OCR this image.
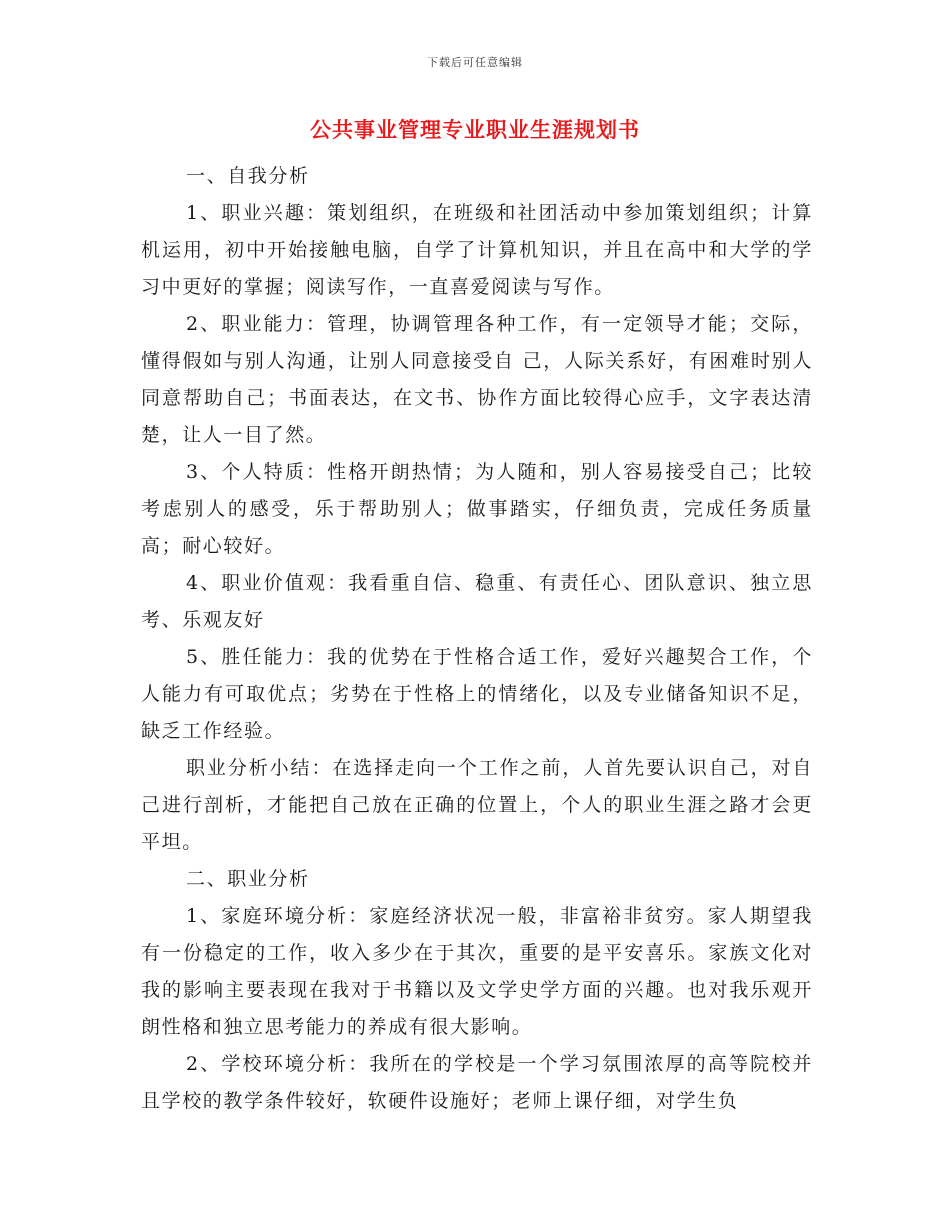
下载后可任意编辑
公共事业管理专业职业生涯规划书

一、自我分析

1、职业兴趣：策划组织，在班级和社团活动中参加策划组织；计算机运用，初中开始接触电脑，自学了计算机知识，并且在高中和大学的学习中更好的掌握；阅读写作，一直喜爱阅读与写作。

2、职业能力：管理，协调管理各种工作，有一定领导才能；交际，懂得假如与别人沟通，让别人同意接受自 己，人际关系好，有困难时别人同意帮助自己；书面表达，在文书、协作方面比较得心应手，文字表达清楚，让人一目了然。

3、个人特质：性格开朗热情；为人随和，别人容易接受自己；比较考虑别人的感受，乐于帮助别人；做事踏实，仔细负责，完成任务质量高；耐心较好。

4、职业价值观：我看重自信、稳重、有责任心、团队意识、独立思考、乐观友好

5、胜任能力：我的优势在于性格合适工作，爱好兴趣契合工作，个人能力有可取优点；劣势在于性格上的情绪化，以及专业储备知识不足，缺乏工作经验。

职业分析小结：在选择走向一个工作之前，人首先要认识自己，对自己进行剖析，才能把自己放在正确的位置上，个人的职业生涯之路才会更平坦。

二、职业分析

1、家庭环境分析：家庭经济状况一般，非富裕非贫穷。家人期望我有一份稳定的工作，收入多少在于其次，重要的是平安喜乐。家族文化对我的影响主要表现在我对于书籍以及文学史学方面的兴趣。也对我乐观开朗性格和独立思考能力的养成有很大影响。

2、学校环境分析：我所在的学校是一个学习氛围浓厚的高等院校并且学校的教学条件较好，软硬件设施好；老师上课仔细，对学生负
